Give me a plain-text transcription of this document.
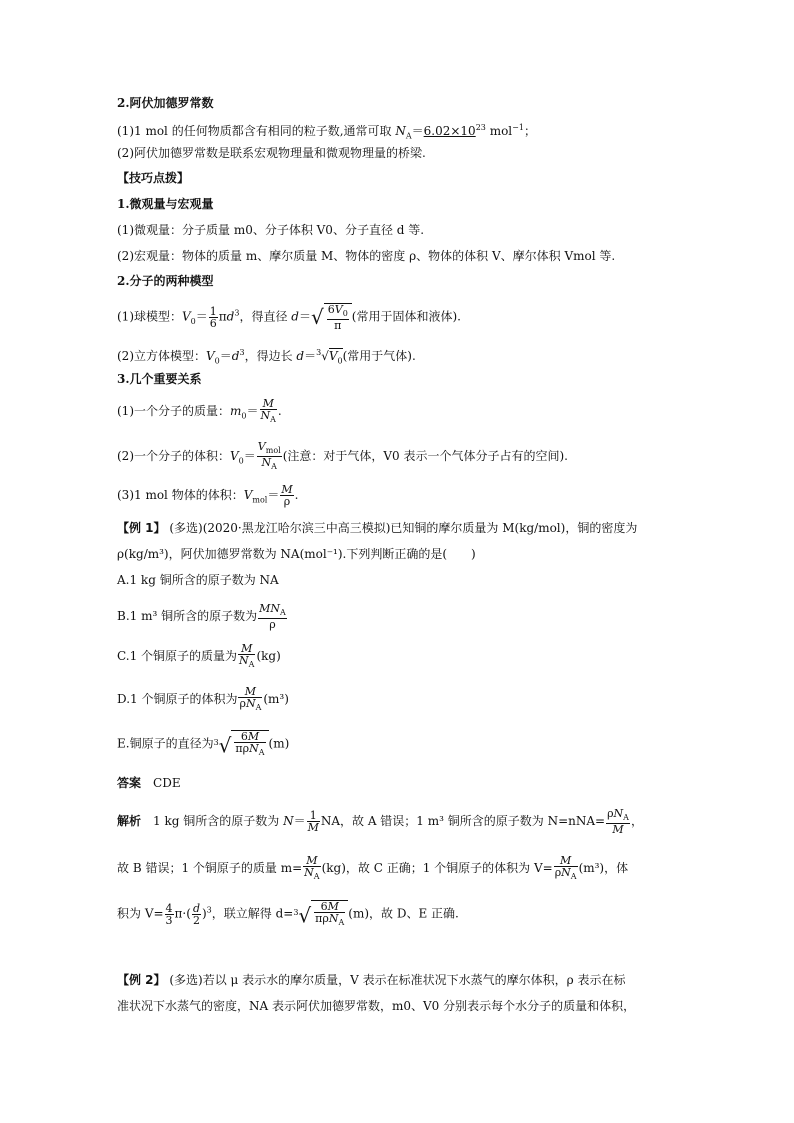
2.阿伏加德罗常数
(1)1 mol 的任何物质都含有相同的粒子数,通常可取 $N_A=6.02\times 10^{23}$ mol$^{-1}$；
(2)阿伏加德罗常数是联系宏观物理量和微观物理量的桥梁.
【技巧点拨】
1.微观量与宏观量
(1)微观量：分子质量 m0、分子体积 V0、分子直径 d 等.
(2)宏观量：物体的质量 m、摩尔质量 M、物体的密度 ρ、物体的体积 V、摩尔体积 Vmol 等.
2.分子的两种模型
(1)球模型：$V_0= \frac{1}{6} \pi d^3$，得直径 $d=√ \frac{6V_0}{\pi}$ (常用于固体和液体).
(2)立方体模型：$V_0=d^3$，得边长 $d=^3√V_0$(常用于气体).
3.几个重要关系
(1)一个分子的质量：$m_0= \frac{M}{N_A}$ .
(2)一个分子的体积：$V_0= \frac{V_{mol}}{N_A}$ (注意：对于气体，V0 表示一个气体分子占有的空间).
(3)1 mol 物体的体积：$V_{mol}= \frac{M}{\rho}$ .
【例 1】 (多选)(2020·黑龙江哈尔滨三中高三模拟)已知铜的摩尔质量为 M(kg/mol)，铜的密度为
ρ(kg/m³)，阿伏加德罗常数为 NA(mol⁻¹).下列判断正确的是(　　)
A.1 kg 铜所含的原子数为 NA
B.1 m³ 铜所含的原子数为 $\frac{MN_A}{\rho}$
C.1 个铜原子的质量为 $\frac{M}{N_A} (kg)$
D.1 个铜原子的体积为 $\frac{M}{\rho N_A} (m^3)$
E.铜原子的直径为$^3√ \frac{6M}{\pi\rho N_A} (m)$
答案　 CDE
解析　1 kg 铜所含的原子数为 $N= \frac{1}{M}$ NA，故 A 错误；1 m³ 铜所含的原子数为 $N=nNA= \frac{\rho N_A}{M}$ ，
故 B 错误；1 个铜原子的质量 $m= \frac{M}{N_A} (kg)$，故 C 正确；1 个铜原子的体积为 $V= \frac{M}{\rho N_A} (m^3)$，体
积为 $V= \frac{4}{3} \pi\cdot( \frac{d}{2} )^3$，联立解得 $d=^3√ \frac{6M}{\pi\rho N_A} (m)$，故 D、E 正确.
【例 2】 (多选)若以 μ 表示水的摩尔质量，V 表示在标准状况下水蒸气的摩尔体积，ρ 表示在标
准状况下水蒸气的密度，NA 表示阿伏加德罗常数，m0、V0 分别表示每个水分子的质量和体积，
